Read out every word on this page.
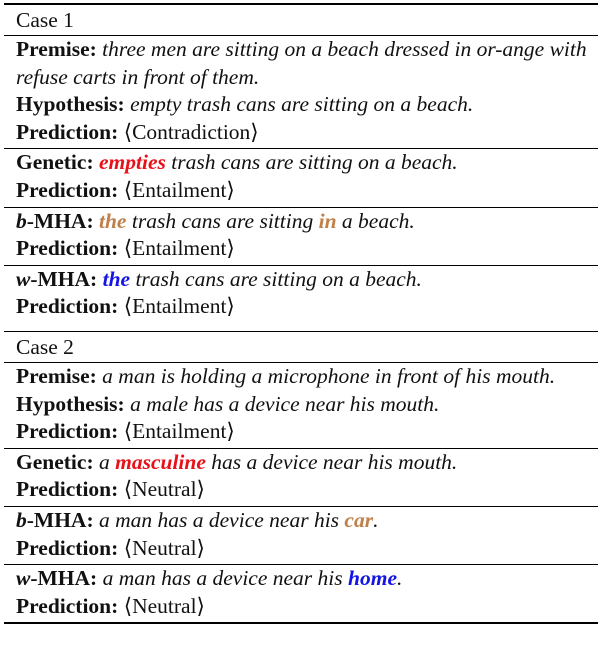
Case 1
Premise: three men are sitting on a beach dressed in or-ange with refuse carts in front of them.
Hypothesis: empty trash cans are sitting on a beach.
Prediction: ⟨Contradiction⟩
Genetic: empties trash cans are sitting on a beach.
Prediction: ⟨Entailment⟩
b-MHA: the trash cans are sitting in a beach.
Prediction: ⟨Entailment⟩
w-MHA: the trash cans are sitting on a beach.
Prediction: ⟨Entailment⟩
Case 2
Premise: a man is holding a microphone in front of his mouth.
Hypothesis: a male has a device near his mouth.
Prediction: ⟨Entailment⟩
Genetic: a masculine has a device near his mouth.
Prediction: ⟨Neutral⟩
b-MHA: a man has a device near his car.
Prediction: ⟨Neutral⟩
w-MHA: a man has a device near his home.
Prediction: ⟨Neutral⟩
